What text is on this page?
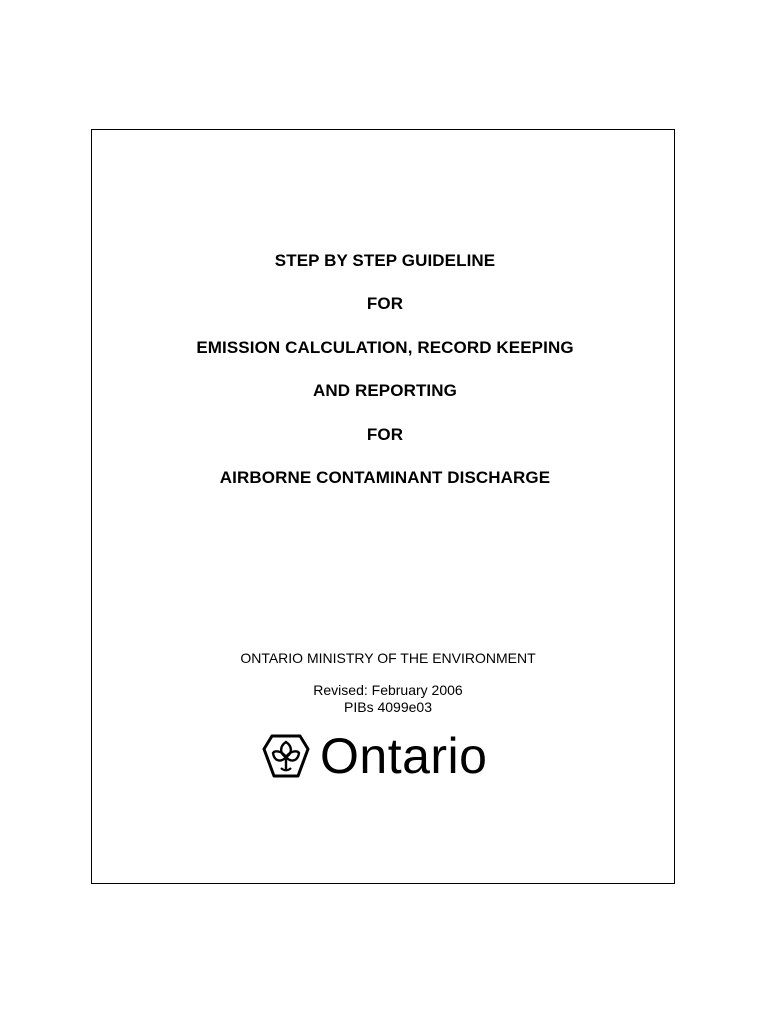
STEP BY STEP GUIDELINE
FOR
EMISSION CALCULATION, RECORD KEEPING
AND REPORTING
FOR
AIRBORNE CONTAMINANT DISCHARGE
ONTARIO MINISTRY OF THE ENVIRONMENT
Revised: February 2006
PIBs 4099e03
Ontario
